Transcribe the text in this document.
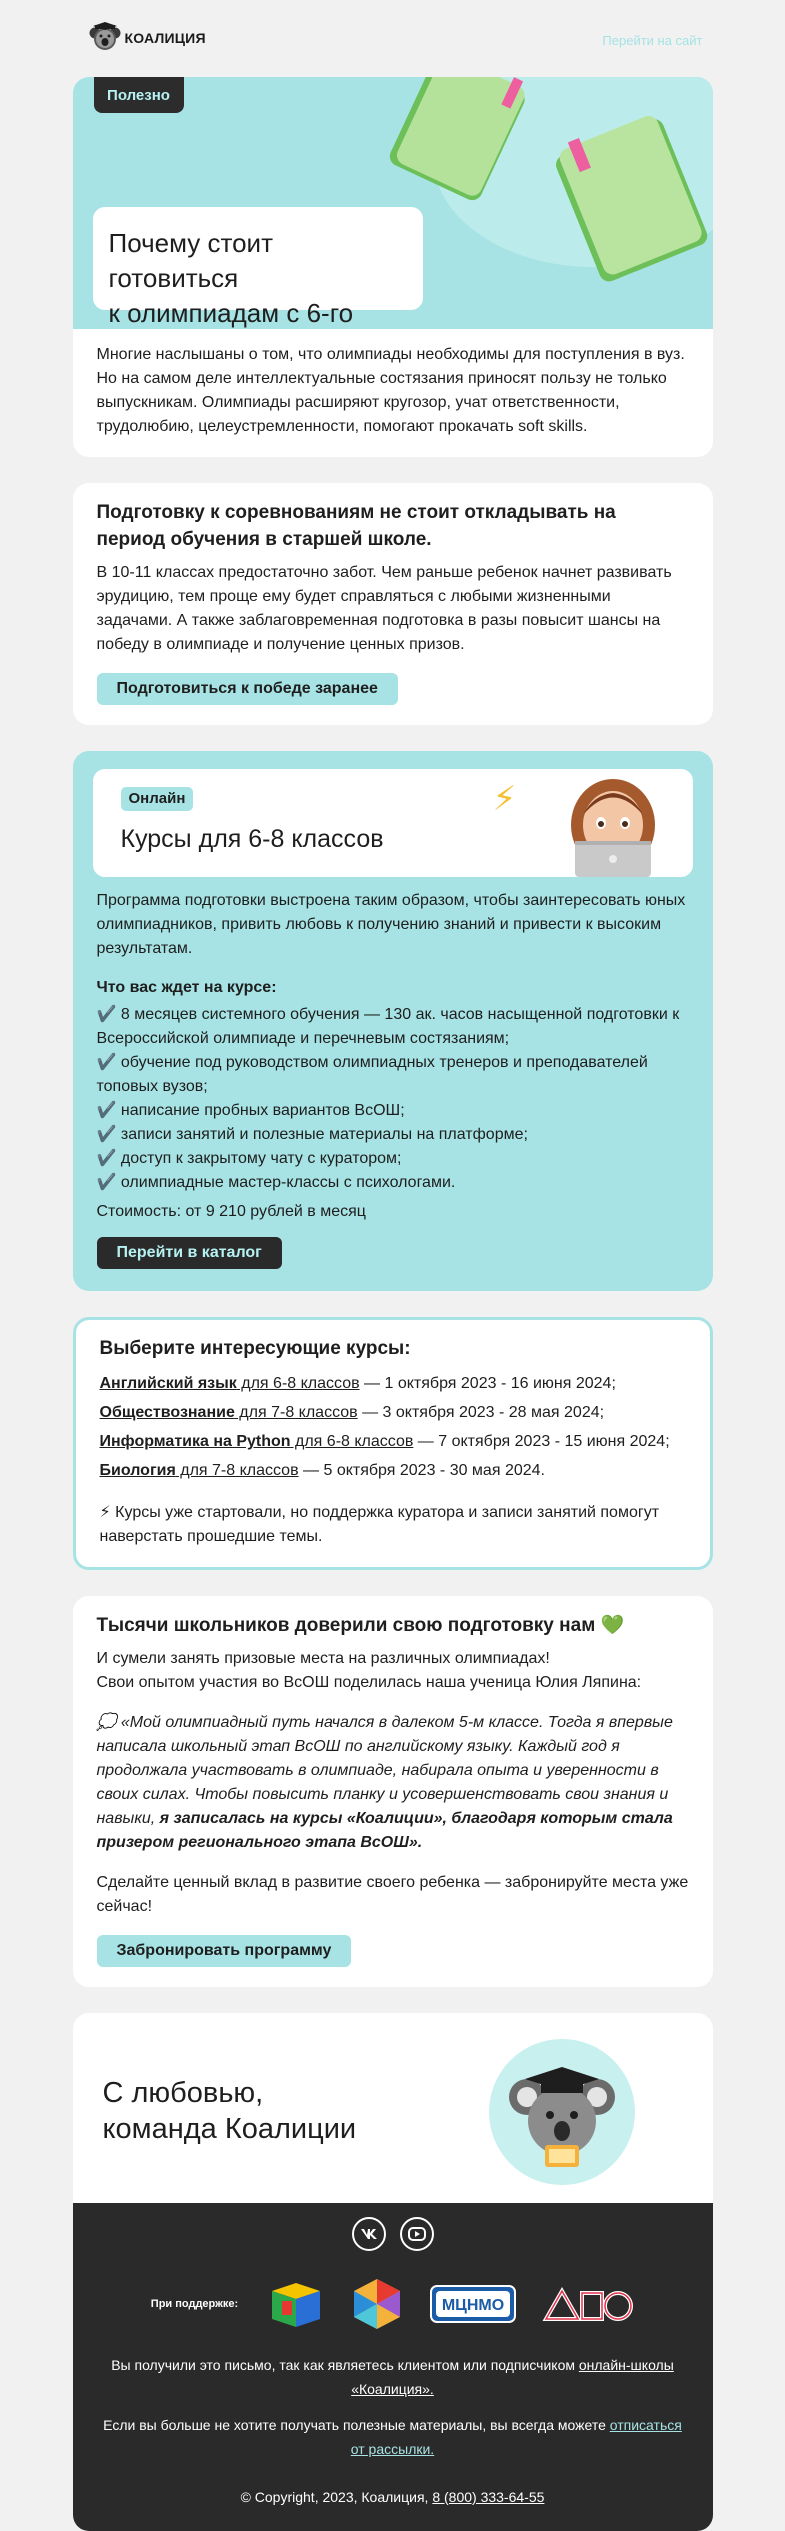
КОАЛИЦИЯ	Перейти на сайт
Полезно
Почему стоит готовиться
к олимпиадам с 6-го

Многие наслышаны о том, что олимпиады необходимы для поступления в вуз. Но на самом деле интеллектуальные состязания приносят пользу не только выпускникам. Олимпиады расширяют кругозор, учат ответственности, трудолюбию, целеустремленности, помогают прокачать soft skills.

Подготовку к соревнованиям не стоит откладывать на период обучения в старшей школе.

В 10-11 классах предостаточно забот. Чем раньше ребенок начнет развивать эрудицию, тем проще ему будет справляться с любыми жизненными задачами. А также заблаговременная подготовка в разы повысит шансы на победу в олимпиаде и получение ценных призов.

Подготовиться к победе заранее
Онлайн
Курсы для 6-8 классов
⚡

Программа подготовки выстроена таким образом, чтобы заинтересовать юных олимпиадников, привить любовь к получению знаний и привести к высоким результатам.

Что вас ждет на курсе:
✔️ 8 месяцев системного обучения — 130 ак. часов насыщенной подготовки к Всероссийской олимпиаде и перечневым состязаниям;
✔️ обучение под руководством олимпиадных тренеров и преподавателей топовых вузов;
✔️ написание пробных вариантов ВсОШ;
✔️ записи занятий и полезные материалы на платформе;
✔️ доступ к закрытому чату с куратором;
✔️ олимпиадные мастер-классы с психологами.
Стоимость: от 9 210 рублей в месяц
Перейти в каталог
Выберите интересующие курсы:
Английский язык для 6-8 классов — 1 октября 2023 - 16 июня 2024;
Обществознание для 7-8 классов — 3 октября 2023 - 28 мая 2024;
Информатика на Python для 6-8 классов — 7 октября 2023 - 15 июня 2024;
Биология для 7-8 классов — 5 октября 2023 - 30 мая 2024.
⚡ Курсы уже стартовали, но поддержка куратора и записи занятий помогут наверстать прошедшие темы.
Тысячи школьников доверили свою подготовку нам 💚

И сумели занять призовые места на различных олимпиадах!

Свои опытом участия во ВсОШ поделилась наша ученица Юлия Ляпина:

💭 «Мой олимпиадный путь начался в далеком 5-м классе. Тогда я впервые написала школьный этап ВсОШ по английскому языку. Каждый год я продолжала участвовать в олимпиаде, набирала опыта и уверенности в своих силах. Чтобы повысить планку и усовершенствовать свои знания и навыки, я записалась на курсы «Коалиции», благодаря которым стала призером регионального этапа ВсОШ».

Сделайте ценный вклад в развитие своего ребенка — забронируйте места уже сейчас!

Забронировать программу
С любовью,
команда Коалиции
При поддержке:	МЦНМО

Вы получили это письмо, так как являетесь клиентом или подписчиком онлайн-школы «Коалиция».

Если вы больше не хотите получать полезные материалы, вы всегда можете отписаться от рассылки.

© Copyright, 2023, Коалиция, 8 (800) 333-64-55
